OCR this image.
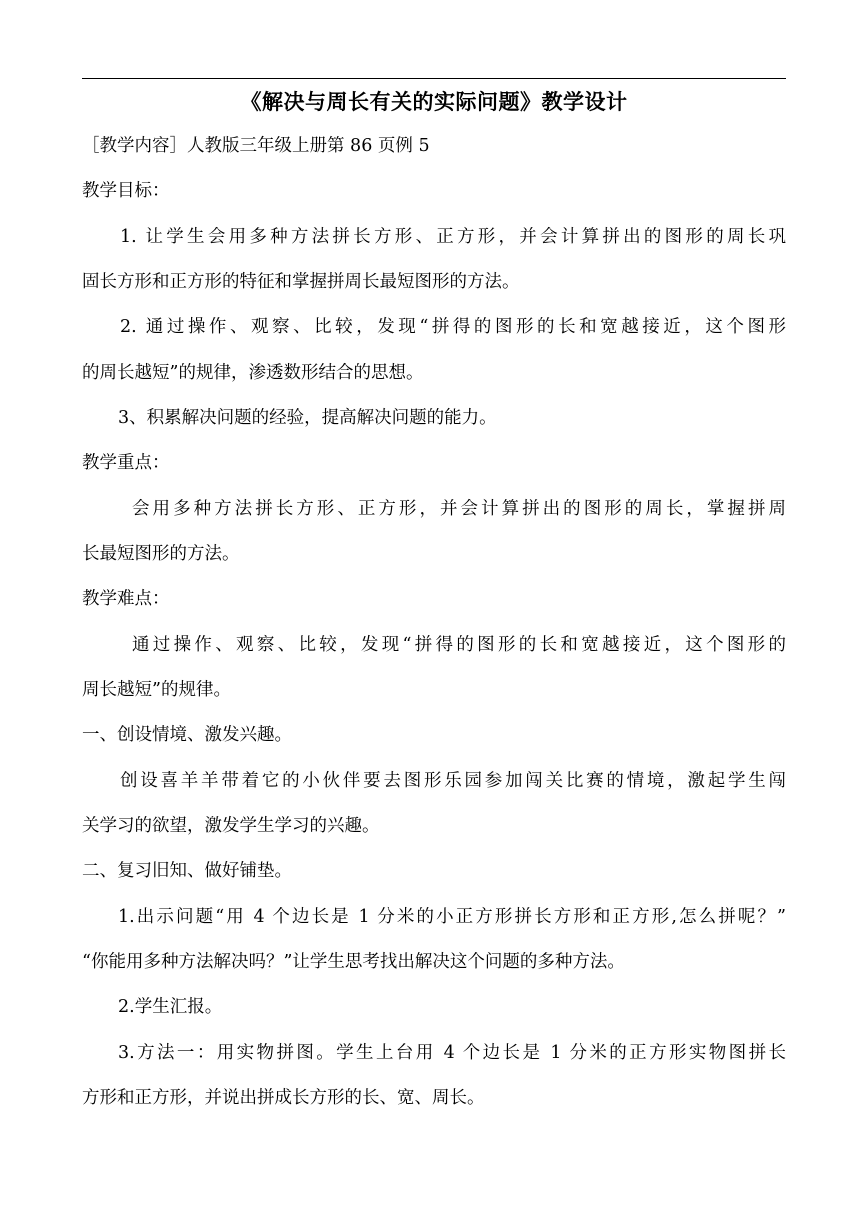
《解决与周长有关的实际问题》教学设计
［教学内容］人教版三年级上册第 86 页例 5
教学目标：
1. 让学生会用多种方法拼长方形、正方形，并会计算拼出的图形的周长巩
固长方形和正方形的特征和掌握拼周长最短图形的方法。
2. 通过操作、观察、比较，发现“拼得的图形的长和宽越接近，这个图形
的周长越短”的规律，渗透数形结合的思想。
3、积累解决问题的经验，提高解决问题的能力。
教学重点：
会用多种方法拼长方形、正方形，并会计算拼出的图形的周长，掌握拼周
长最短图形的方法。
教学难点：
通过操作、观察、比较，发现“拼得的图形的长和宽越接近，这个图形的
周长越短”的规律。
一、创设情境、激发兴趣。
创设喜羊羊带着它的小伙伴要去图形乐园参加闯关比赛的情境，激起学生闯
关学习的欲望，激发学生学习的兴趣。
二、复习旧知、做好铺垫。
1.出示问题“用 4 个边长是 1 分米的小正方形拼长方形和正方形,怎么拼呢？”
“你能用多种方法解决吗？”让学生思考找出解决这个问题的多种方法。
2.学生汇报。
3.方法一：用实物拼图。学生上台用 4 个边长是 1 分米的正方形实物图拼长
方形和正方形，并说出拼成长方形的长、宽、周长。
